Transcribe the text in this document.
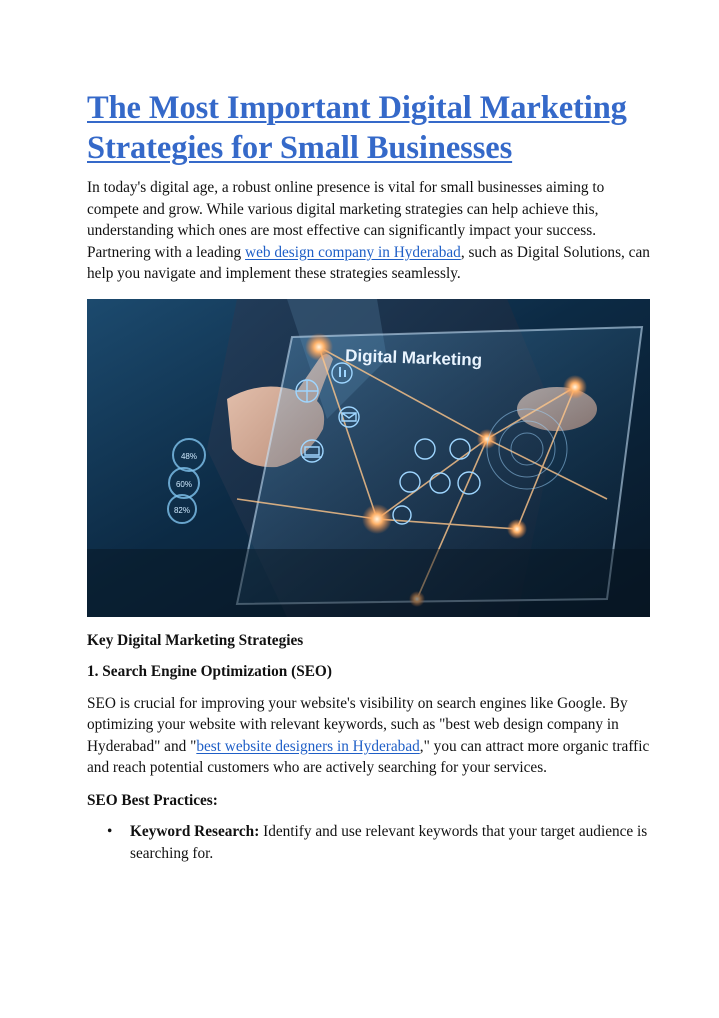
The Most Important Digital Marketing
Strategies for Small Businesses

In today's digital age, a robust online presence is vital for small businesses aiming to compete and grow. While various digital marketing strategies can help achieve this, understanding which ones are most effective can significantly impact your success. Partnering with a leading web design company in Hyderabad, such as Digital Solutions, can help you navigate and implement these strategies seamlessly.

Digital Marketing
48%
60%
82%
Key Digital Marketing Strategies
1. Search Engine Optimization (SEO)

SEO is crucial for improving your website's visibility on search engines like Google. By optimizing your website with relevant keywords, such as "best web design company in Hyderabad" and "best website designers in Hyderabad," you can attract more organic traffic and reach potential customers who are actively searching for your services.

SEO Best Practices:
• Keyword Research: Identify and use relevant keywords that your target audience is searching for.
